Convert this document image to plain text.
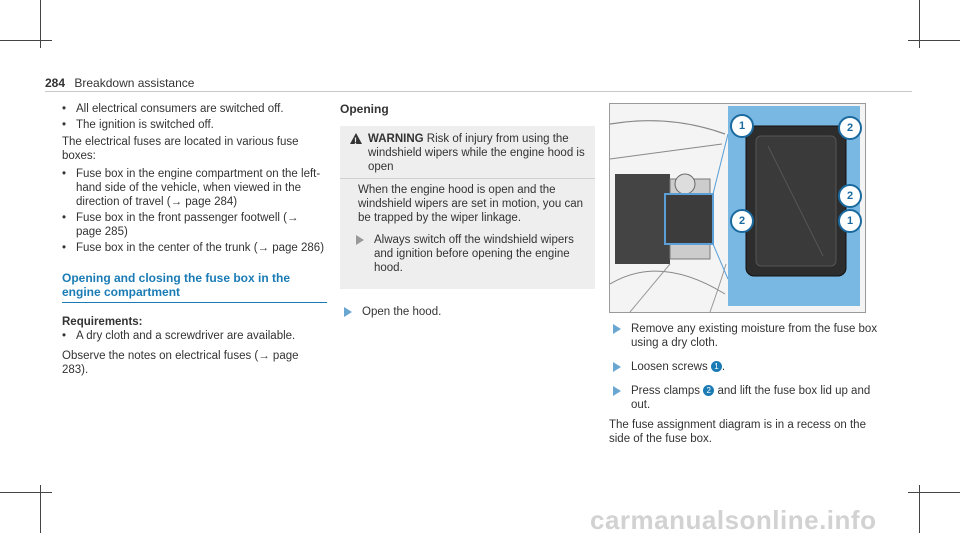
284 Breakdown assistance
• All electrical consumers are switched off.
• The ignition is switched off.
The electrical fuses are located in various fuse boxes:
• Fuse box in the engine compartment on the left-hand side of the vehicle, when viewed in the direction of travel (→ page 284)
• Fuse box in the front passenger footwell (→ page 285)
• Fuse box in the center of the trunk (→ page 286)
Opening and closing the fuse box in the engine compartment
Requirements:
• A dry cloth and a screwdriver are available.
Observe the notes on electrical fuses (→ page 283).
Opening
! WARNING Risk of injury from using the windshield wipers while the engine hood is open
When the engine hood is open and the windshield wipers are set in motion, you can be trapped by the wiper linkage.
Always switch off the windshield wipers and ignition before opening the engine hood.
Open the hood.
1	2
2
1
2
Remove any existing moisture from the fuse box using a dry cloth.
Loosen screws 1 .
Press clamps 2 and lift the fuse box lid up and out.
The fuse assignment diagram is in a recess on the side of the fuse box.
carmanualsonline.info
